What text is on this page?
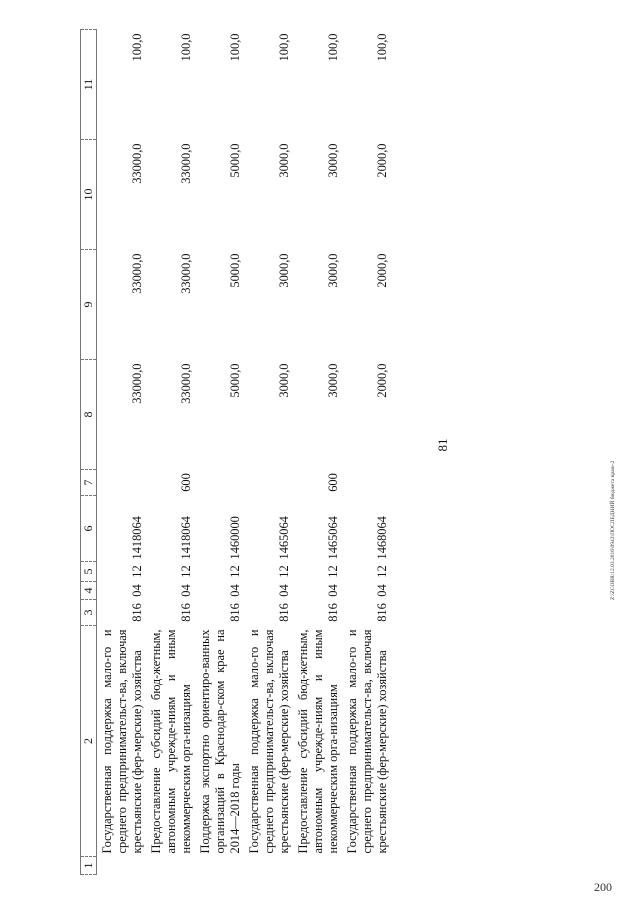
81
1	2	3	4	5	6	7	8	9	10	11
	Государственная поддержка мало-го и среднего предпринимательст-ва, включая крестьянские (фер-мерские) хозяйства	816	04	12	1418064		33000,0	33000,0	33000,0	100,0
	Предоставление субсидий бюд-жетным, автономным учрежде-ниям и иным некоммерческим орга-низациям	816	04	12	1418064	600	33000,0	33000,0	33000,0	100,0
	Поддержка экспортно ориентиро-ванных организаций в Краснодар-ском крае на 2014—2018 годы	816	04	12	1460000		5000,0	5000,0	5000,0	100,0
	Государственная поддержка мало-го и среднего предпринимательст-ва, включая крестьянские (фер-мерские) хозяйства	816	04	12	1465064		3000,0	3000,0	3000,0	100,0
	Предоставление субсидий бюд-жетным, автономным учрежде-ниям и иным некоммерческим орга-низациям	816	04	12	1465064	600	3000,0	3000,0	3000,0	100,0
	Государственная поддержка мало-го и среднего предпринимательст-ва, включая крестьянские (фер-мерские) хозяйства	816	04	12	1468064		2000,0	2000,0	2000,0	100,0
Z:\ZCOBR\12.03.2016\0943\ПОСЛЕДНИЙ бюджета краю-2
200
